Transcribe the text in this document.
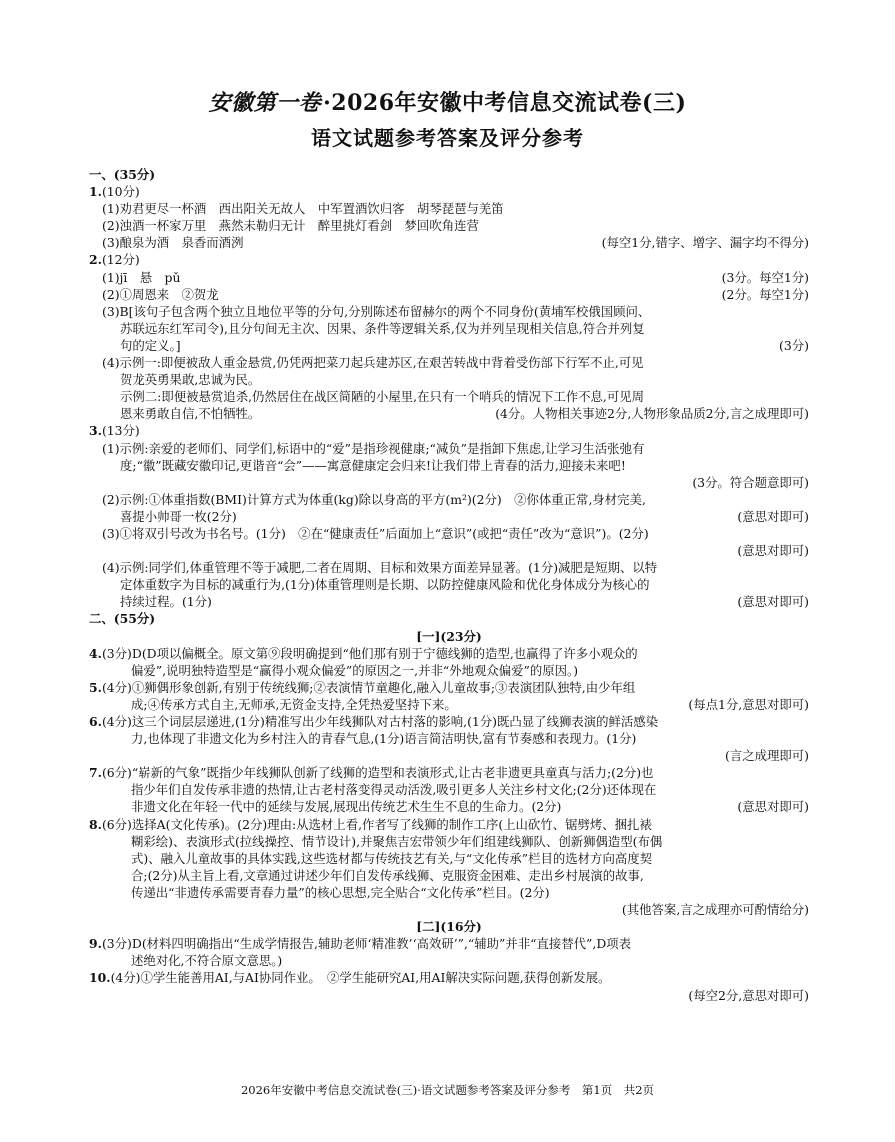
安徽第一卷·2026年安徽中考信息交流试卷(三)
语文试题参考答案及评分参考
一、(35分)
1.(10分)
(1)劝君更尽一杯酒　西出阳关无故人　中军置酒饮归客　胡琴琵琶与羌笛
(2)浊酒一杯家万里　燕然未勒归无计　醉里挑灯看剑　梦回吹角连营
(3)酿泉为酒　泉香而酒洌	(每空1分,错字、增字、漏字均不得分)
2.(12分)
(1)jī　悬　pǔ	(3分。每空1分)
(2)①周恩来　②贺龙	(2分。每空1分)
(3)B[该句子包含两个独立且地位平等的分句,分别陈述布留赫尔的两个不同身份(黄埔军校俄国顾问、
苏联远东红军司令),且分句间无主次、因果、条件等逻辑关系,仅为并列呈现相关信息,符合并列复
句的定义。]	(3分)
(4)示例一:即便被敌人重金悬赏,仍凭两把菜刀起兵建苏区,在艰苦转战中背着受伤部下行军不止,可见
贺龙英勇果敢,忠诚为民。
示例二:即便被悬赏追杀,仍然居住在战区简陋的小屋里,在只有一个哨兵的情况下工作不息,可见周
恩来勇敢自信,不怕牺牲。	(4分。人物相关事迹2分,人物形象品质2分,言之成理即可)
3.(13分)
(1)示例:亲爱的老师们、同学们,标语中的“爱”是指珍视健康;“减负”是指卸下焦虑,让学习生活张弛有
度;“徽”既藏安徽印记,更谐音“会”——寓意健康定会归来!让我们带上青春的活力,迎接未来吧!
(3分。符合题意即可)
(2)示例:①体重指数(BMI)计算方式为体重(kg)除以身高的平方(m²)(2分)　②你体重正常,身材完美,
喜提小帅哥一枚(2分)	(意思对即可)
(3)①将双引号改为书名号。(1分)　②在“健康责任”后面加上“意识”(或把“责任”改为“意识”)。(2分)
(意思对即可)
(4)示例:同学们,体重管理不等于减肥,二者在周期、目标和效果方面差异显著。(1分)减肥是短期、以特
定体重数字为目标的减重行为,(1分)体重管理则是长期、以防控健康风险和优化身体成分为核心的
持续过程。(1分)	(意思对即可)
二、(55分)
[一](23分)
4.(3分)D(D项以偏概全。原文第⑨段明确提到“他们那有别于宁德线狮的造型,也赢得了许多小观众的
偏爱”,说明独特造型是“赢得小观众偏爱”的原因之一,并非“外地观众偏爱”的原因。)
5.(4分)①狮偶形象创新,有别于传统线狮;②表演情节童趣化,融入儿童故事;③表演团队独特,由少年组
成;④传承方式自主,无师承,无资金支持,全凭热爱坚持下来。	(每点1分,意思对即可)
6.(4分)这三个词层层递进,(1分)精准写出少年线狮队对古村落的影响,(1分)既凸显了线狮表演的鲜活感染
力,也体现了非遗文化为乡村注入的青春气息,(1分)语言简洁明快,富有节奏感和表现力。(1分)
(言之成理即可)
7.(6分)“崭新的气象”既指少年线狮队创新了线狮的造型和表演形式,让古老非遗更具童真与活力;(2分)也
指少年们自发传承非遗的热情,让古老村落变得灵动活泼,吸引更多人关注乡村文化;(2分)还体现在
非遗文化在年轻一代中的延续与发展,展现出传统艺术生生不息的生命力。(2分)	(意思对即可)
8.(6分)选择A(文化传承)。(2分)理由:从选材上看,作者写了线狮的制作工序(上山砍竹、锯劈烤、捆扎裱
糊彩绘)、表演形式(拉线操控、情节设计),并聚焦吉宏带领少年们组建线狮队、创新狮偶造型(布偶
式)、融入儿童故事的具体实践,这些选材都与传统技艺有关,与“文化传承”栏目的选材方向高度契
合;(2分)从主旨上看,文章通过讲述少年们自发传承线狮、克服资金困难、走出乡村展演的故事,
传递出“非遗传承需要青春力量”的核心思想,完全贴合“文化传承”栏目。(2分)
(其他答案,言之成理亦可酌情给分)
[二](16分)
9.(3分)D(材料四明确指出“生成学情报告,辅助老师‘精准教’‘高效研’”,“辅助”并非“直接替代”,D项表
述绝对化,不符合原文意思。)
10.(4分)①学生能善用AI,与AI协同作业。　②学生能研究AI,用AI解决实际问题,获得创新发展。
(每空2分,意思对即可)
2026年安徽中考信息交流试卷(三)·语文试题参考答案及评分参考　第1页　共2页
